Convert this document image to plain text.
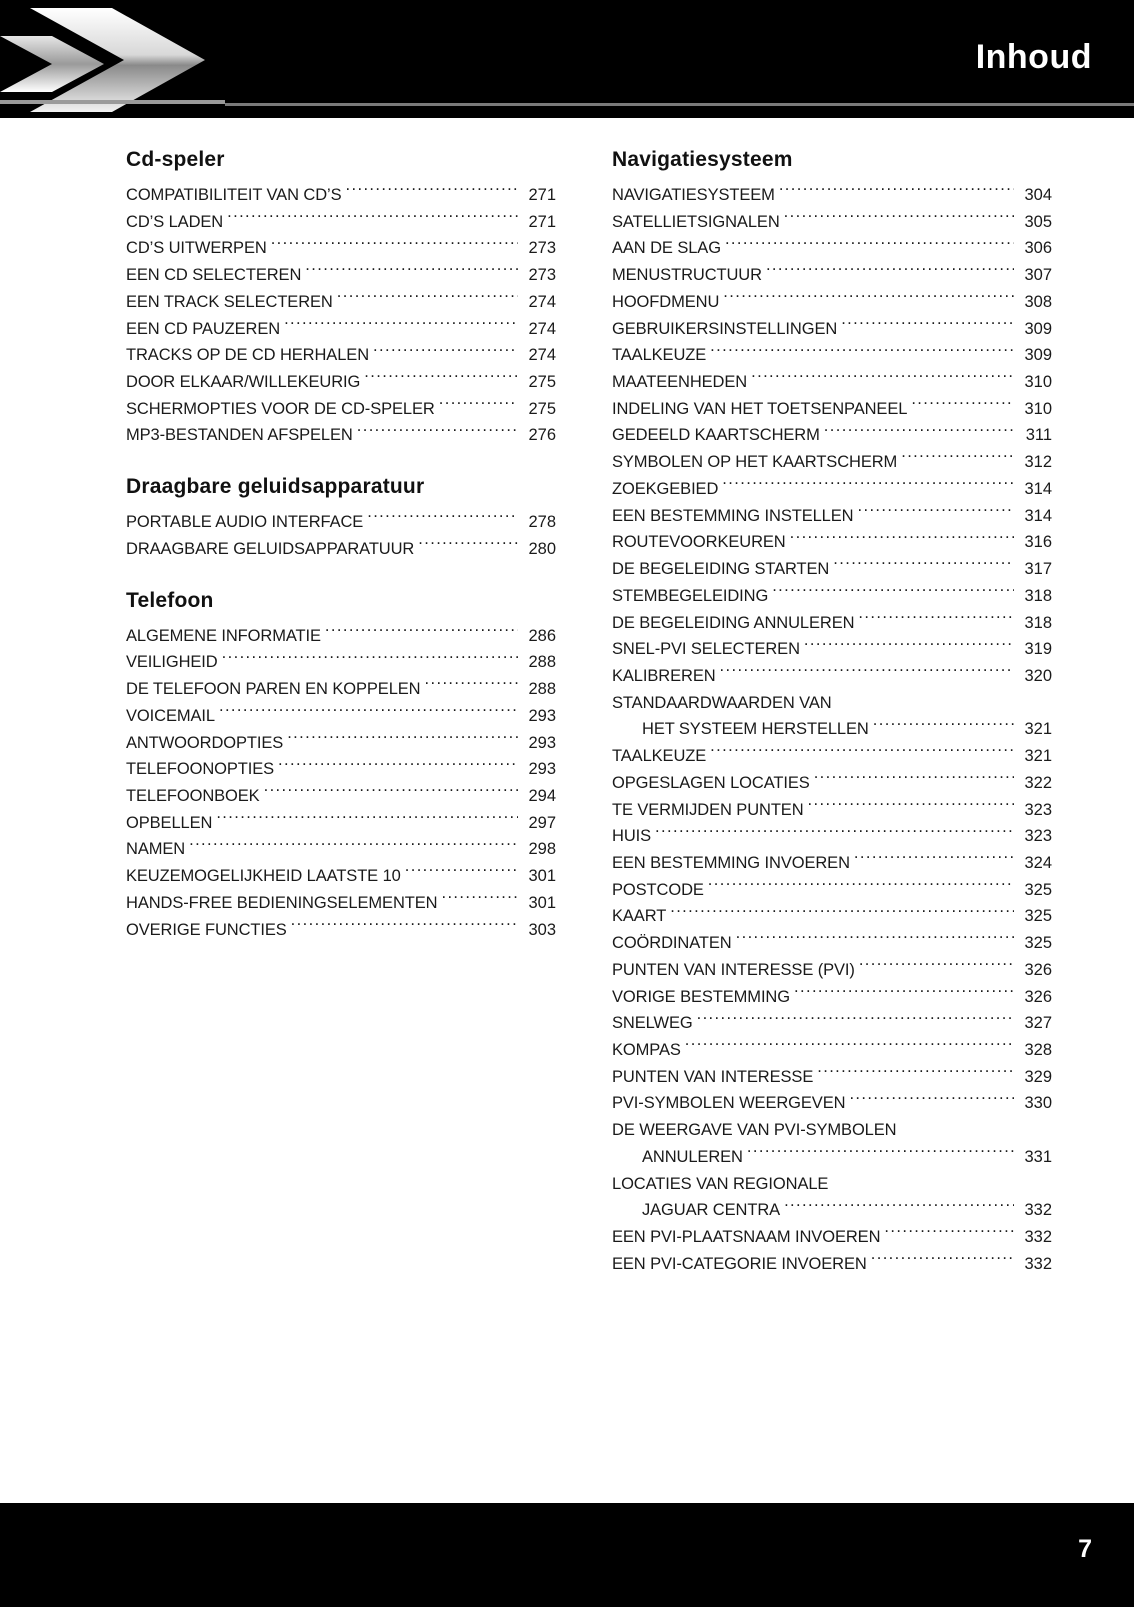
Inhoud
Cd-speler
COMPATIBILITEIT VAN CD’S .....	271
CD’S LADEN .....	271
CD’S UITWERPEN .....	273
EEN CD SELECTEREN .....	273
EEN TRACK SELECTEREN .....	274
EEN CD PAUZEREN .....	274
TRACKS OP DE CD HERHALEN .....	274
DOOR ELKAAR/WILLEKEURIG .....	275
SCHERMOPTIES VOOR DE CD-SPELER .....	275
MP3-BESTANDEN AFSPELEN .....	276
Draagbare geluidsapparatuur
PORTABLE AUDIO INTERFACE .....	278
DRAAGBARE GELUIDSAPPARATUUR .....	280
Telefoon
ALGEMENE INFORMATIE .....	286
VEILIGHEID .....	288
DE TELEFOON PAREN EN KOPPELEN .....	288
VOICEMAIL .....	293
ANTWOORDOPTIES .....	293
TELEFOONOPTIES .....	293
TELEFOONBOEK .....	294
OPBELLEN .....	297
NAMEN .....	298
KEUZEMOGELIJKHEID LAATSTE 10 .....	301
HANDS-FREE BEDIENINGSELEMENTEN .....	301
OVERIGE FUNCTIES .....	303
Navigatiesysteem
NAVIGATIESYSTEEM .....	304
SATELLIETSIGNALEN .....	305
AAN DE SLAG .....	306
MENUSTRUCTUUR .....	307
HOOFDMENU .....	308
GEBRUIKERSINSTELLINGEN .....	309
TAALKEUZE .....	309
MAATEENHEDEN .....	310
INDELING VAN HET TOETSENPANEEL .....	310
GEDEELD KAARTSCHERM .....	311
SYMBOLEN OP HET KAARTSCHERM .....	312
ZOEKGEBIED .....	314
EEN BESTEMMING INSTELLEN .....	314
ROUTEVOORKEUREN .....	316
DE BEGELEIDING STARTEN .....	317
STEMBEGELEIDING .....	318
DE BEGELEIDING ANNULEREN .....	318
SNEL-PVI SELECTEREN .....	319
KALIBREREN .....	320
STANDAARDWAARDEN VAN
HET SYSTEEM HERSTELLEN .....	321
TAALKEUZE .....	321
OPGESLAGEN LOCATIES .....	322
TE VERMIJDEN PUNTEN .....	323
HUIS .....	323
EEN BESTEMMING INVOEREN .....	324
POSTCODE .....	325
KAART .....	325
COÖRDINATEN .....	325
PUNTEN VAN INTERESSE (PVI) .....	326
VORIGE BESTEMMING .....	326
SNELWEG .....	327
KOMPAS .....	328
PUNTEN VAN INTERESSE .....	329
PVI-SYMBOLEN WEERGEVEN .....	330
DE WEERGAVE VAN PVI-SYMBOLEN
ANNULEREN .....	331
LOCATIES VAN REGIONALE
JAGUAR CENTRA .....	332
EEN PVI-PLAATSNAAM INVOEREN .....	332
EEN PVI-CATEGORIE INVOEREN .....	332
7
